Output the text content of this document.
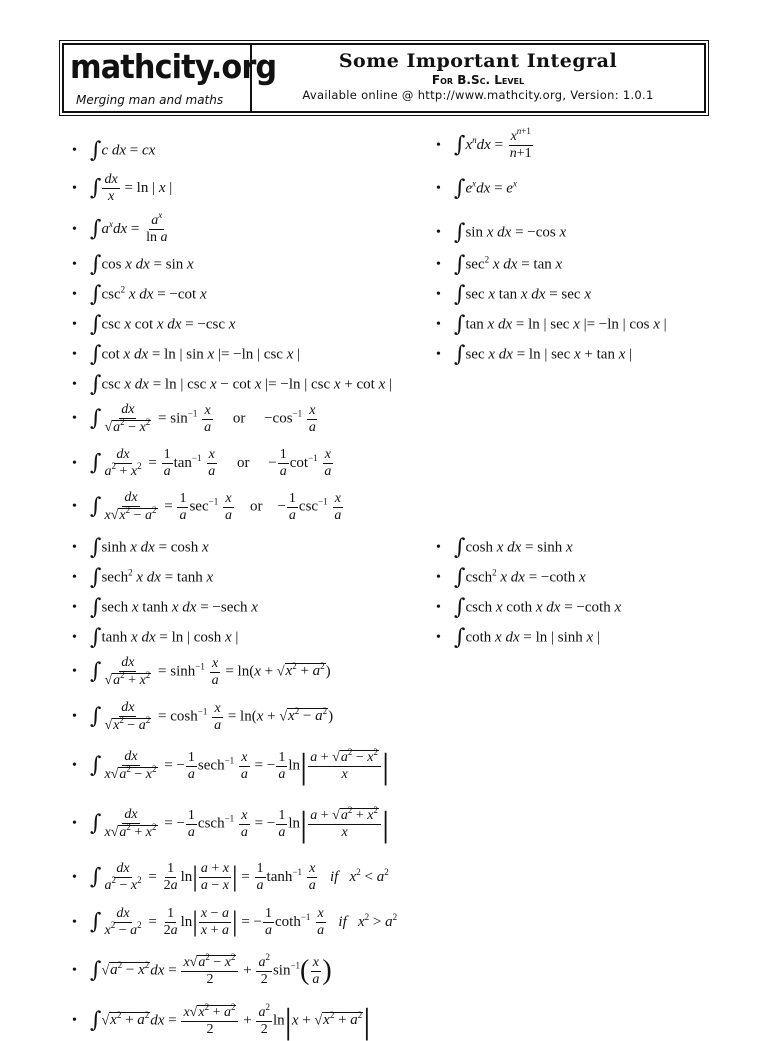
mathcity.org
Merging man and maths
Some Important Integral
For B.Sc. Level
Available online @ http://www.mathcity.org, Version: 1.0.1
• ∫c dx = cx	• $\int x^ndx = \frac{x^{n+1}}{n+1}$
• ∫ $\frac{dx}{x} = \ln$ | x |	• $\int e^xdx = e^x$
• $\int a^xdx = \frac{a^x}{\text{ln a}}$	• ∫sin x dx = −cos x
• ∫cos x dx = sin x	• $\int\sec^2$ x dx = tan x
• $\int\csc^2$ x dx = −cot x	• ∫sec x tan x dx = sec x
• ∫csc x cot x dx = −csc x	• ∫tan x dx = ln | sec x |= −ln | cos x |
• ∫cot x dx = ln | sin x |= −ln | csc x |	• ∫sec x dx = ln | sec x + tan x |
• ∫csc x dx = ln | csc x − cot x |= −ln | csc x + cot x |
• ∫ $\frac{dx}{√a^2 - x^2} = \sin^{-1} \frac{x}{a}$ or     $-\cos^{-1} \frac{x}{a}$
• ∫ $\frac{dx}{a^2 + x^2} = \frac{1}{a} \tan^{-1} \frac{x}{a}$ or     − $\frac{1}{a} \cot^{-1} \frac{x}{a}$
• ∫ $\frac{dx}{x√x^2 - a^2} = \frac{1}{a} \sec^{-1} \frac{x}{a}$ or    − $\frac{1}{a} \csc^{-1} \frac{x}{a}$
• ∫sinh x dx = cosh x	• ∫cosh x dx = sinh x
• ∫sech$^2$ x dx = tanh x	• ∫csch$^2$ x dx = −coth x
• ∫sech x tanh x dx = −sech x	• ∫csch x coth x dx = −coth x
• ∫tanh x dx = ln | cosh x |	• ∫coth x dx = ln | sinh x |
• ∫ $\frac{dx}{√a^2 + x^2} = \sinh^{-1} \frac{x}{a} = \ln(x + √x^2 + a^2)$
• ∫ $\frac{dx}{√x^2 - a^2} = \cosh^{-1} \frac{x}{a} = \ln(x + √x^2 - a^2)$
• ∫ $\frac{dx}{x√a^2 - x^2}$ = − $\frac{1}{a} \sec h^{-1} \frac{x}{a}$ = − $\frac{1}{a} \ln| \frac{a + √a^2 - x^2}{x}$ |
• ∫ $\frac{dx}{x√a^2 + x^2}$ = − $\frac{1}{a} \csc h^{-1} \frac{x}{a}$ = − $\frac{1}{a} \ln| \frac{a + √a^2 + x^2}{x}$ |
• ∫ $\frac{dx}{a^2 - x^2} = \frac{1}{2a} \ln| \frac{a + x}{a - x}$ | = $\frac{1}{a} \tanh^{-1} \frac{x}{a}$ if $x^2 < a^2$
• ∫ $\frac{dx}{x^2 - a^2} = \frac{1}{2a} \ln| \frac{x - a}{x + a}$ | = − $\frac{1}{a} \cot h^{-1} \frac{x}{a}$ if $x^2 > a^2$
• $\int√a^2 - x^2dx = \frac{x√a^2 - x^2}{2} + \frac{a^2}{2} \sin^{-1}( \frac{x}{a}$ )
• $\int√x^2 + a^2dx = \frac{x√x^2 + a^2}{2} + \frac{a^2}{2} \ln|x + √x^2 + a^2|$
